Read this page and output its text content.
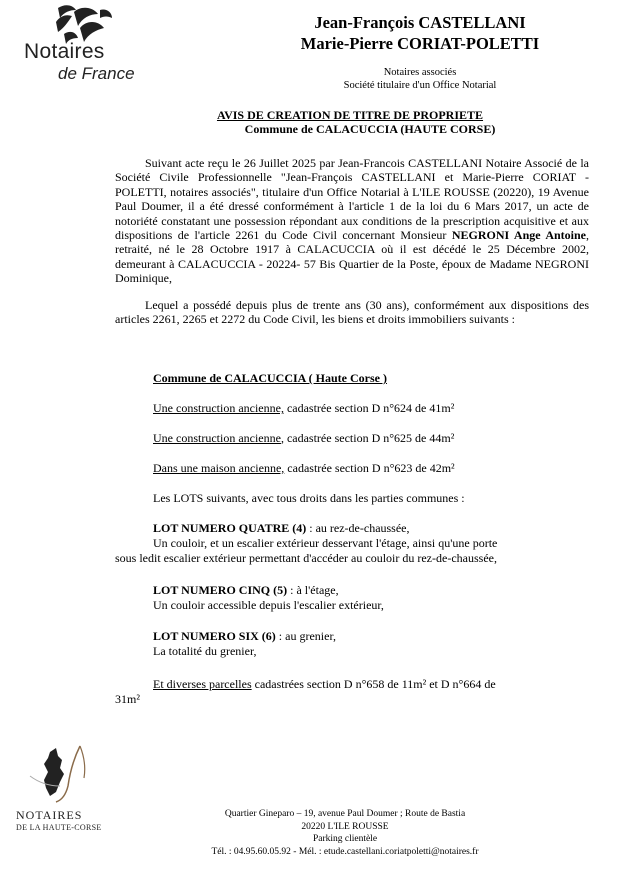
Notaires
de France
Jean-François CASTELLANI
Marie-Pierre CORIAT-POLETTI
Notaires associés
Société titulaire d'un Office Notarial
AVIS DE CREATION DE TITRE DE PROPRIETE
Commune de CALACUCCIA (HAUTE CORSE)

Suivant acte reçu le 26 Juillet 2025 par Jean-Francois CASTELLANI Notaire Associé de la Société Civile Professionnelle "Jean-François CASTELLANI et Marie-Pierre CORIAT - POLETTI, notaires associés", titulaire d'un Office Notarial à L'ILE ROUSSE (20220), 19 Avenue Paul Doumer, il a été dressé conformément à l'article 1 de la loi du 6 Mars 2017, un acte de notoriété constatant une possession répondant aux conditions de la prescription acquisitive et aux dispositions de l'article 2261 du Code Civil concernant Monsieur NEGRONI Ange Antoine, retraité, né le 28 Octobre 1917 à CALACUCCIA où il est décédé le 25 Décembre 2002, demeurant à CALACUCCIA - 20224- 57 Bis Quartier de la Poste, époux de Madame NEGRONI Dominique,

Lequel a possédé depuis plus de trente ans (30 ans), conformément aux dispositions des articles 2261, 2265 et 2272 du Code Civil, les biens et droits immobiliers suivants :

Commune de CALACUCCIA ( Haute Corse )
Une construction ancienne, cadastrée section D n°624 de 41m²
Une construction ancienne, cadastrée section D n°625 de 44m²
Dans une maison ancienne, cadastrée section D n°623 de 42m²
Les LOTS suivants, avec tous droits dans les parties communes :
LOT NUMERO QUATRE (4) : au rez-de-chaussée,
Un couloir, et un escalier extérieur desservant l'étage, ainsi qu'une porte
sous ledit escalier extérieur permettant d'accéder au couloir du rez-de-chaussée,
LOT NUMERO CINQ (5) : à l'étage,
Un couloir accessible depuis l'escalier extérieur,
LOT NUMERO SIX (6) : au grenier,
La totalité du grenier,
Et diverses parcelles cadastrées section D n°658 de 11m² et D n°664 de
31m²
NOTAIRES
DE LA HAUTE-CORSE
Quartier Gineparo – 19, avenue Paul Doumer ; Route de Bastia
20220 L'ILE ROUSSE
Parking clientèle
Tél. : 04.95.60.05.92 - Mél. : etude.castellani.coriatpoletti@notaires.fr
